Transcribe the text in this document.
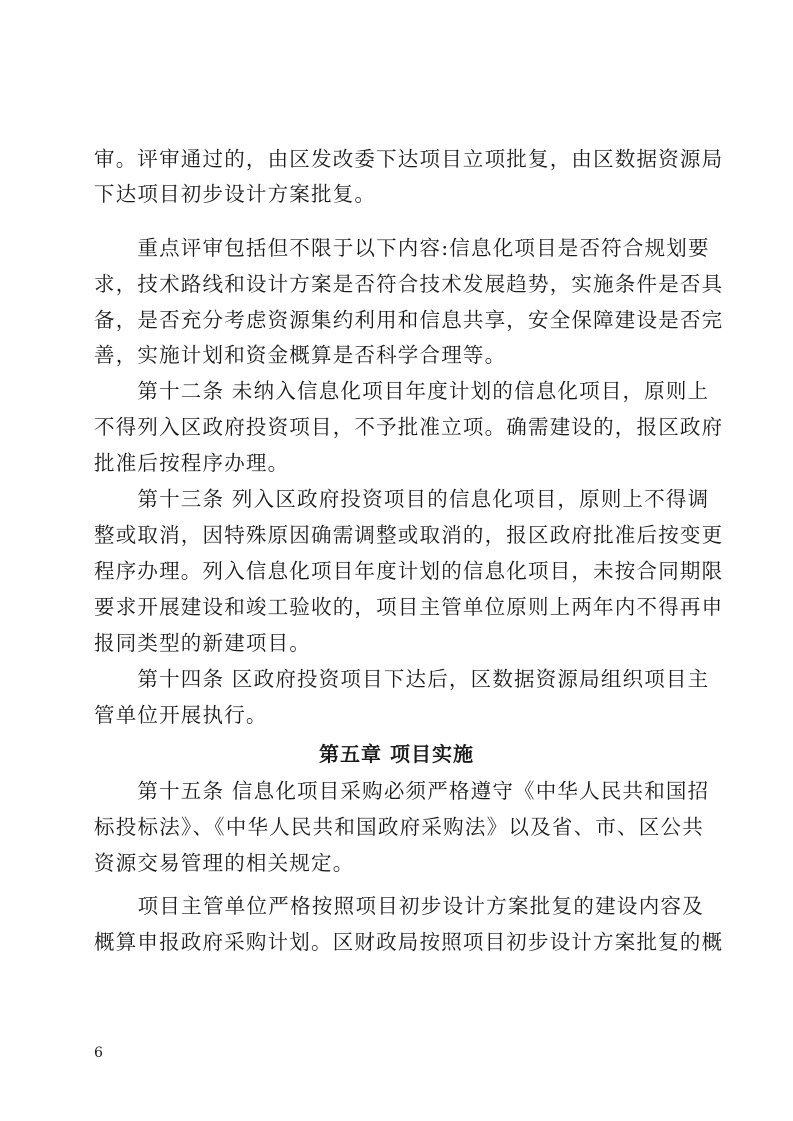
审。评审通过的，由区发改委下达项目立项批复，由区数据资源局
下达项目初步设计方案批复。
　　重点评审包括但不限于以下内容:信息化项目是否符合规划要
求，技术路线和设计方案是否符合技术发展趋势，实施条件是否具
备，是否充分考虑资源集约利用和信息共享，安全保障建设是否完
善，实施计划和资金概算是否科学合理等。
　　第十二条 未纳入信息化项目年度计划的信息化项目，原则上
不得列入区政府投资项目，不予批准立项。确需建设的，报区政府
批准后按程序办理。
　　第十三条 列入区政府投资项目的信息化项目，原则上不得调
整或取消，因特殊原因确需调整或取消的，报区政府批准后按变更
程序办理。列入信息化项目年度计划的信息化项目，未按合同期限
要求开展建设和竣工验收的，项目主管单位原则上两年内不得再申
报同类型的新建项目。
　　第十四条 区政府投资项目下达后，区数据资源局组织项目主
管单位开展执行。
第五章 项目实施
　　第十五条 信息化项目采购必须严格遵守《中华人民共和国招
标投标法》、《中华人民共和国政府采购法》以及省、市、区公共
资源交易管理的相关规定。
　　项目主管单位严格按照项目初步设计方案批复的建设内容及
概算申报政府采购计划。区财政局按照项目初步设计方案批复的概
6
